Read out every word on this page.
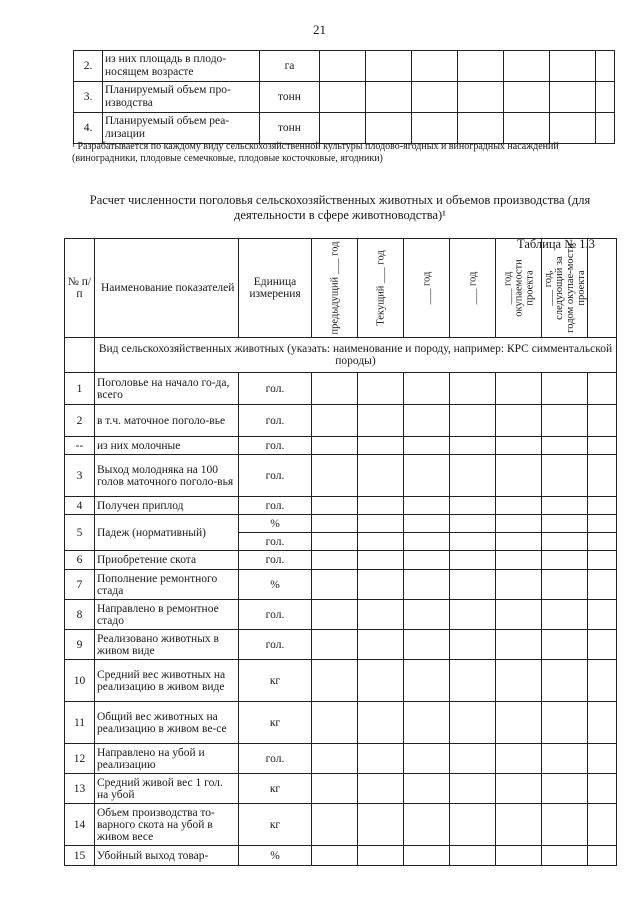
21
2.	из них площадь в плодо-носящем возрасте	га							
3.	Планируемый объем про-изводства	тонн							
4.	Планируемый объем реа-лизации	тонн							
¹ Разрабатывается по каждому виду сельскохозяйственной культуры плодово-ягодных и виноградных насаждений (виноградники, плодовые семечковые, плодовые косточковые, ягодники)
Расчет численности поголовья сельскохозяйственных животных и объемов производства (для деятельности в сфере животноводства)¹
№ п/п	Наименование показателей	Единица измерения	предыдущий ___ год	Текущий ___ год	___ год	___ год	___ год окупаемости проекта	___ год, следующий за годом окупае-мости проекта	

	Вид сельскохозяйственных животных (указать: наименование и породу, например: КРС симментальской породы)								
1	Поголовье на начало го-да, всего	гол.							
2	в т.ч. маточное поголо-вье	гол.							
--	из них молочные	гол.							
3	Выход молодняка на 100 голов маточного поголо-вья	гол.							
4	Получен приплод	гол.							
5	Падеж (нормативный)	%							
		гол.							
6	Приобретение скота	гол.							
7	Пополнение ремонтного стада	%							
8	Направлено в ремонтное стадо	гол.							
9	Реализовано животных в живом виде	гол.							
10	Средний вес животных на реализацию в живом виде	кг							
11	Общий вес животных на реализацию в живом ве-се	кг							
12	Направлено на убой и реализацию	гол.							
13	Средний живой вес 1 гол. на убой	кг							
14	Объем производства то-варного скота на убой в живом весе	кг							
15	Убойный выход товар-	%							
Таблица № 1.3
